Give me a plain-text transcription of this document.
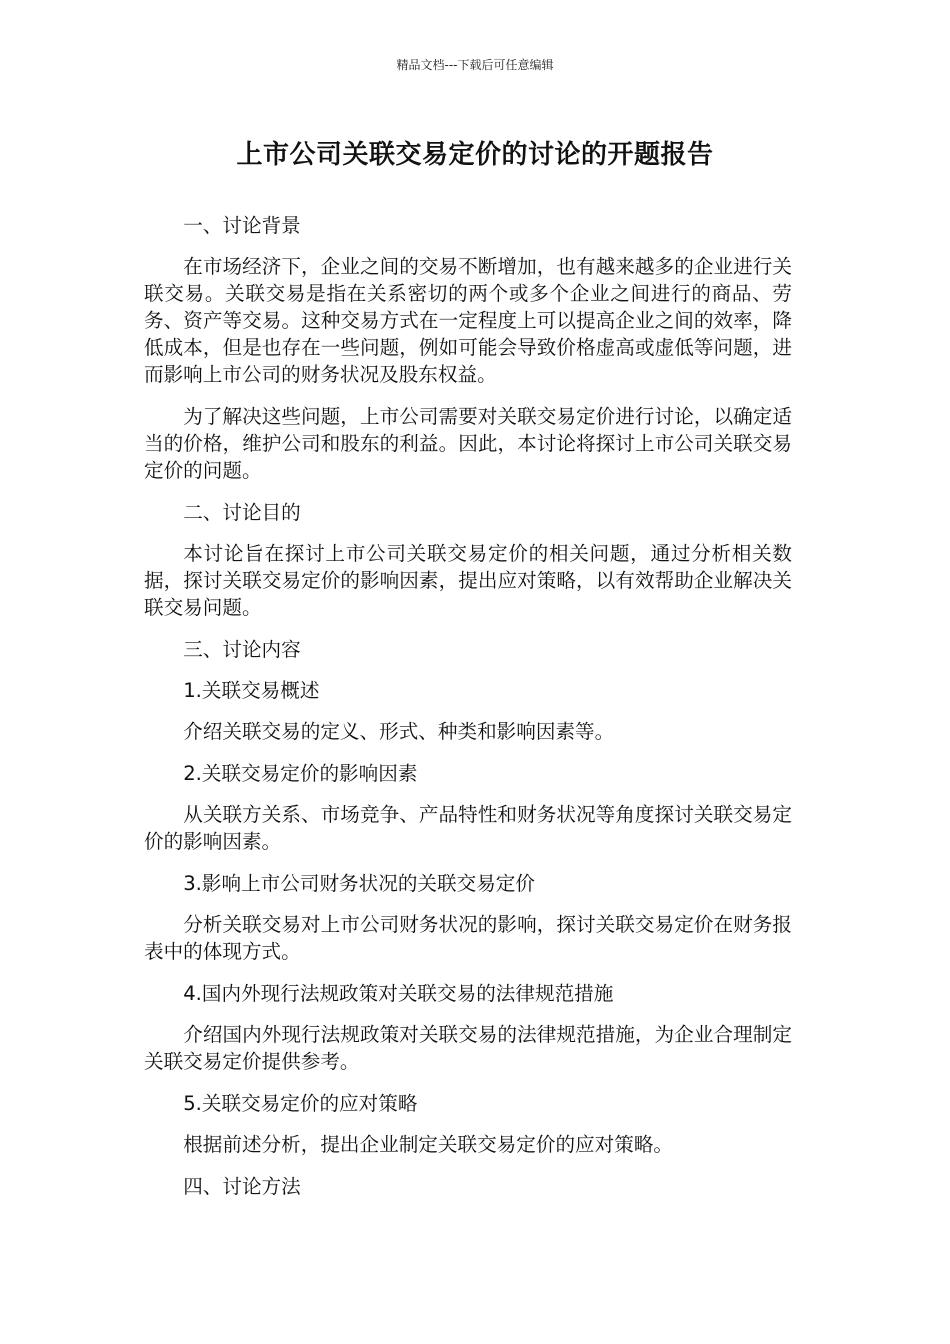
精品文档---下载后可任意编辑
上市公司关联交易定价的讨论的开题报告

一、讨论背景

在市场经济下，企业之间的交易不断增加，也有越来越多的企业进行关联交易。关联交易是指在关系密切的两个或多个企业之间进行的商品、劳务、资产等交易。这种交易方式在一定程度上可以提高企业之间的效率，降低成本，但是也存在一些问题，例如可能会导致价格虚高或虚低等问题，进而影响上市公司的财务状况及股东权益。

为了解决这些问题，上市公司需要对关联交易定价进行讨论，以确定适当的价格，维护公司和股东的利益。因此，本讨论将探讨上市公司关联交易定价的问题。

二、讨论目的

本讨论旨在探讨上市公司关联交易定价的相关问题，通过分析相关数据，探讨关联交易定价的影响因素，提出应对策略，以有效帮助企业解决关联交易问题。

三、讨论内容

1.关联交易概述

介绍关联交易的定义、形式、种类和影响因素等。

2.关联交易定价的影响因素

从关联方关系、市场竞争、产品特性和财务状况等角度探讨关联交易定价的影响因素。

3.影响上市公司财务状况的关联交易定价

分析关联交易对上市公司财务状况的影响，探讨关联交易定价在财务报表中的体现方式。

4.国内外现行法规政策对关联交易的法律规范措施

介绍国内外现行法规政策对关联交易的法律规范措施，为企业合理制定关联交易定价提供参考。

5.关联交易定价的应对策略

根据前述分析，提出企业制定关联交易定价的应对策略。

四、讨论方法
